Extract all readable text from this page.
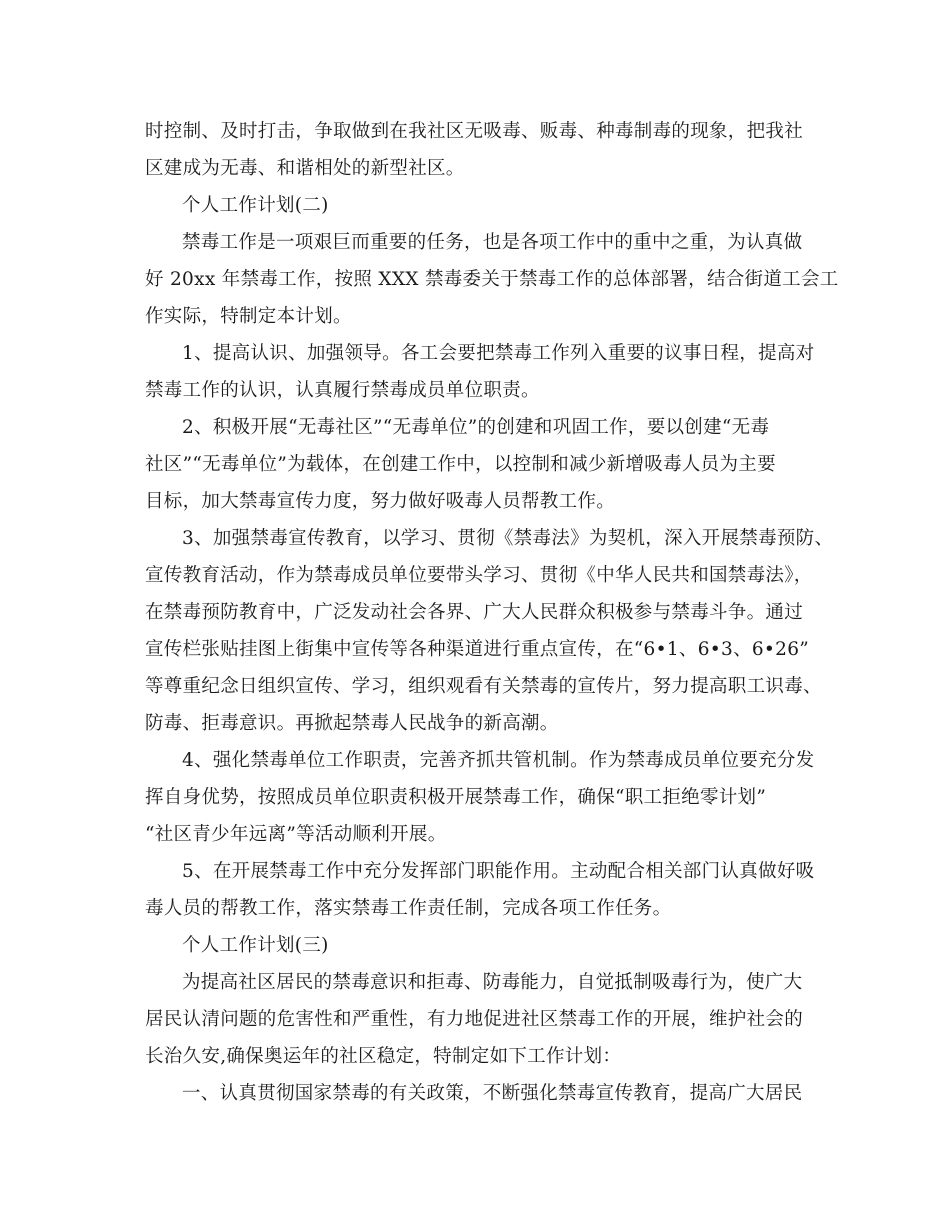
时控制、及时打击，争取做到在我社区无吸毒、贩毒、种毒制毒的现象，把我社
区建成为无毒、和谐相处的新型社区。
个人工作计划(二)
禁毒工作是一项艰巨而重要的任务，也是各项工作中的重中之重，为认真做
好 20xx 年禁毒工作，按照 XXX 禁毒委关于禁毒工作的总体部署，结合街道工会工
作实际，特制定本计划。
1、提高认识、加强领导。各工会要把禁毒工作列入重要的议事日程，提高对
禁毒工作的认识，认真履行禁毒成员单位职责。
2、积极开展“无毒社区”“无毒单位”的创建和巩固工作，要以创建“无毒
社区”“无毒单位”为载体，在创建工作中，以控制和减少新增吸毒人员为主要
目标，加大禁毒宣传力度，努力做好吸毒人员帮教工作。
3、加强禁毒宣传教育，以学习、贯彻《禁毒法》为契机，深入开展禁毒预防、
宣传教育活动，作为禁毒成员单位要带头学习、贯彻《中华人民共和国禁毒法》，
在禁毒预防教育中，广泛发动社会各界、广大人民群众积极参与禁毒斗争。通过
宣传栏张贴挂图上街集中宣传等各种渠道进行重点宣传，在“6•1、6•3、6•26”
等尊重纪念日组织宣传、学习，组织观看有关禁毒的宣传片，努力提高职工识毒、
防毒、拒毒意识。再掀起禁毒人民战争的新高潮。
4、强化禁毒单位工作职责，完善齐抓共管机制。作为禁毒成员单位要充分发
挥自身优势，按照成员单位职责积极开展禁毒工作，确保“职工拒绝零计划”
“社区青少年远离”等活动顺利开展。
5、在开展禁毒工作中充分发挥部门职能作用。主动配合相关部门认真做好吸
毒人员的帮教工作，落实禁毒工作责任制，完成各项工作任务。
个人工作计划(三)
为提高社区居民的禁毒意识和拒毒、防毒能力，自觉抵制吸毒行为，使广大
居民认清问题的危害性和严重性，有力地促进社区禁毒工作的开展，维护社会的
长治久安,确保奥运年的社区稳定，特制定如下工作计划：
一、认真贯彻国家禁毒的有关政策，不断强化禁毒宣传教育，提高广大居民
